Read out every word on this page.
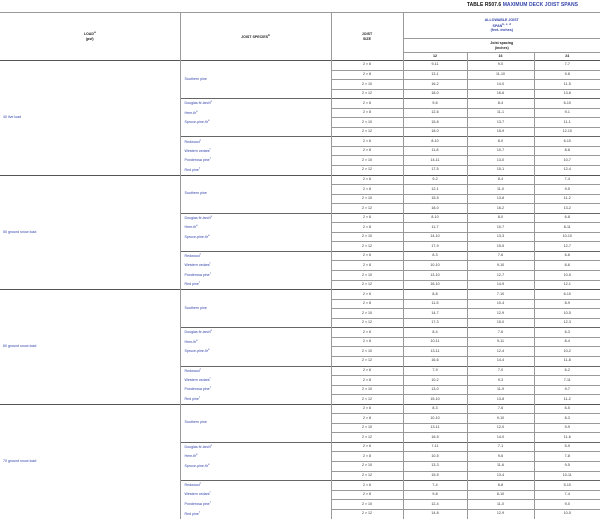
TABLE R507.6 MAXIMUM DECK JOIST SPANS
LOAD$^a$
(psf)	JOIST SPECIES$^b$	JOIST
SIZE	ALLOWABLE JOIST
SPAN$^{b, c, d}$
(feet- inches)		
			Joist spacing
(inches)		
			12	16	24
40 live load	Southern pine	2 × 6	9-11	9-0	7-7
		2 × 8	13-1	11-10	9-8
		2 × 10	16-2	14-0	11-5
		2 × 12	18-0	16-6	13-6
	Douglas fir-larch$^e$	2 × 6	9-6	8-4	6-10
	Hem-fir$^e$	2 × 8	12-6	11-1	9-1
	Spruce-pine-fir$^e$	2 × 10	15-8	13-7	11-1
		2 × 12	18-0	15-9	12-10
	Redwood$^f$	2 × 6	8-10	8-0	6-10
	Western cedars$^f$	2 × 8	11-8	10-7	8-8
	Ponderosa pine$^f$	2 × 10	14-11	13-0	10-7
	Red pine$^f$	2 × 12	17-5	15-1	12-4
50 ground snow load	Southern pine	2 × 6	9-2	8-4	7-4
		2 × 8	12-1	11-0	9-5
		2 × 10	15-5	13-8	11-2
		2 × 12	18-0	16-2	13-2
	Douglas fir-larch$^e$	2 × 6	8-10	8-0	6-8
	Hem-fir$^e$	2 × 8	11-7	10-7	8-11
	Spruce-pine-fir$^e$	2 × 10	14-10	13-3	10-10
		2 × 12	17-9	15-5	12-7
	Redwood$^f$	2 × 6	8-3	7-6	6-6
	Western cedars$^f$	2 × 8	10-10	9-10	8-6
	Ponderosa pine$^f$	2 × 10	13-10	12-7	10-5
	Red pine$^f$	2 × 12	16-10	14-9	12-1
60 ground snow load	Southern pine	2 × 6	8-8	7-10	6-10
		2 × 8	11-5	10-4	8-9
		2 × 10	14-7	12-9	10-5
		2 × 12	17-3	15-0	12-3
	Douglas fir-larch$^e$	2 × 6	8-4	7-6	6-3
	Hem-fir$^e$	2 × 8	10-11	9-11	8-4
	Spruce-pine-fir$^e$	2 × 10	13-11	12-4	10-2
		2 × 12	16-6	14-4	11-8
	Redwood$^f$	2 × 6	7-9	7-0	6-2
	Western cedars$^f$	2 × 8	10-2	9-3	7-11
	Ponderosa pine$^f$	2 × 10	13-0	11-9	9-7
	Red pine$^f$	2 × 12	15-10	13-8	11-2
70 ground snow load	Southern pine	2 × 6	8-3	7-6	6-5
		2 × 8	10-10	9-10	8-3
		2 × 10	13-11	12-0	9-9
		2 × 12	16-5	14-0	11-6
	Douglas fir-larch$^e$	2 × 6	7-11	7-1	5-9
	Hem-fir$^e$	2 × 8	10-5	9-6	7-8
	Spruce-pine-fir$^e$	2 × 10	13-3	11-6	9-5
		2 × 12	15-5	13-4	10-11
	Redwood$^f$	2 × 6	7-4	6-8	5-10
	Western cedars$^f$	2 × 8	9-8	8-10	7-4
	Ponderosa pine$^f$	2 × 10	12-4	11-0	9-0
	Red pine$^f$	2 × 12	14-8	12-9	10-5
